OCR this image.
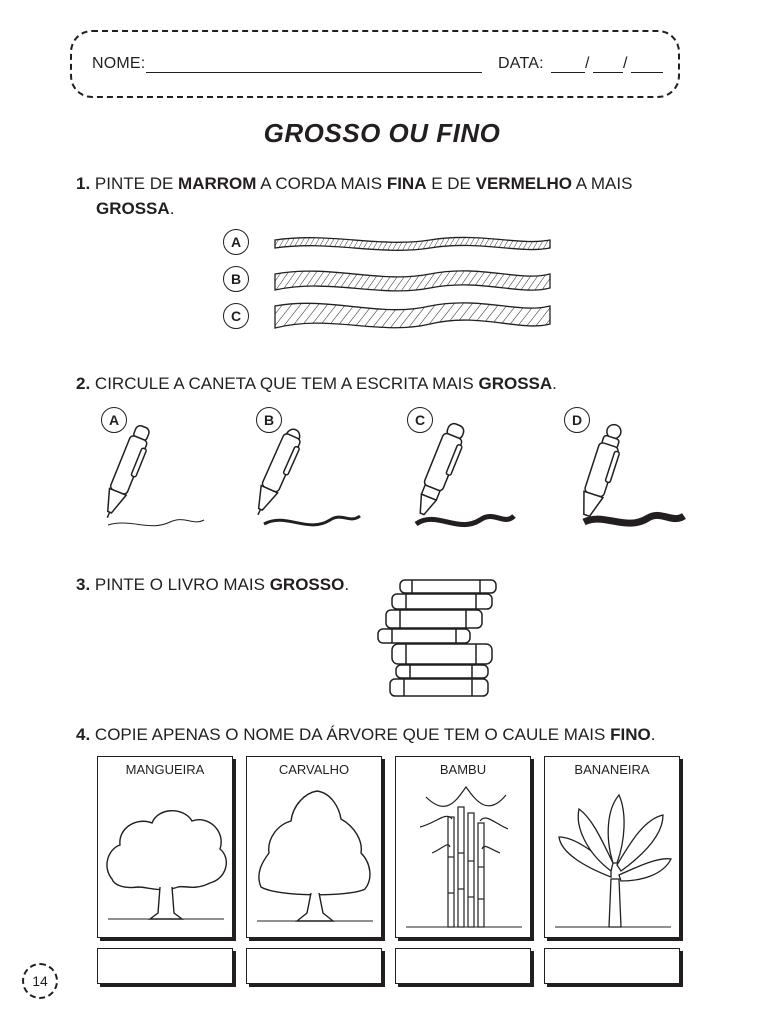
NOME:	DATA:	/ /
GROSSO OU FINO
1. PINTE DE MARROM A CORDA MAIS FINA E DE VERMELHO A MAIS
GROSSA.
A
B
C
2. CIRCULE A CANETA QUE TEM A ESCRITA MAIS GROSSA.
A	B	C	D
3. PINTE O LIVRO MAIS GROSSO.
4. COPIE APENAS O NOME DA ÁRVORE QUE TEM O CAULE MAIS FINO.
MANGUEIRA	CARVALHO	BAMBU	BANANEIRA
14
